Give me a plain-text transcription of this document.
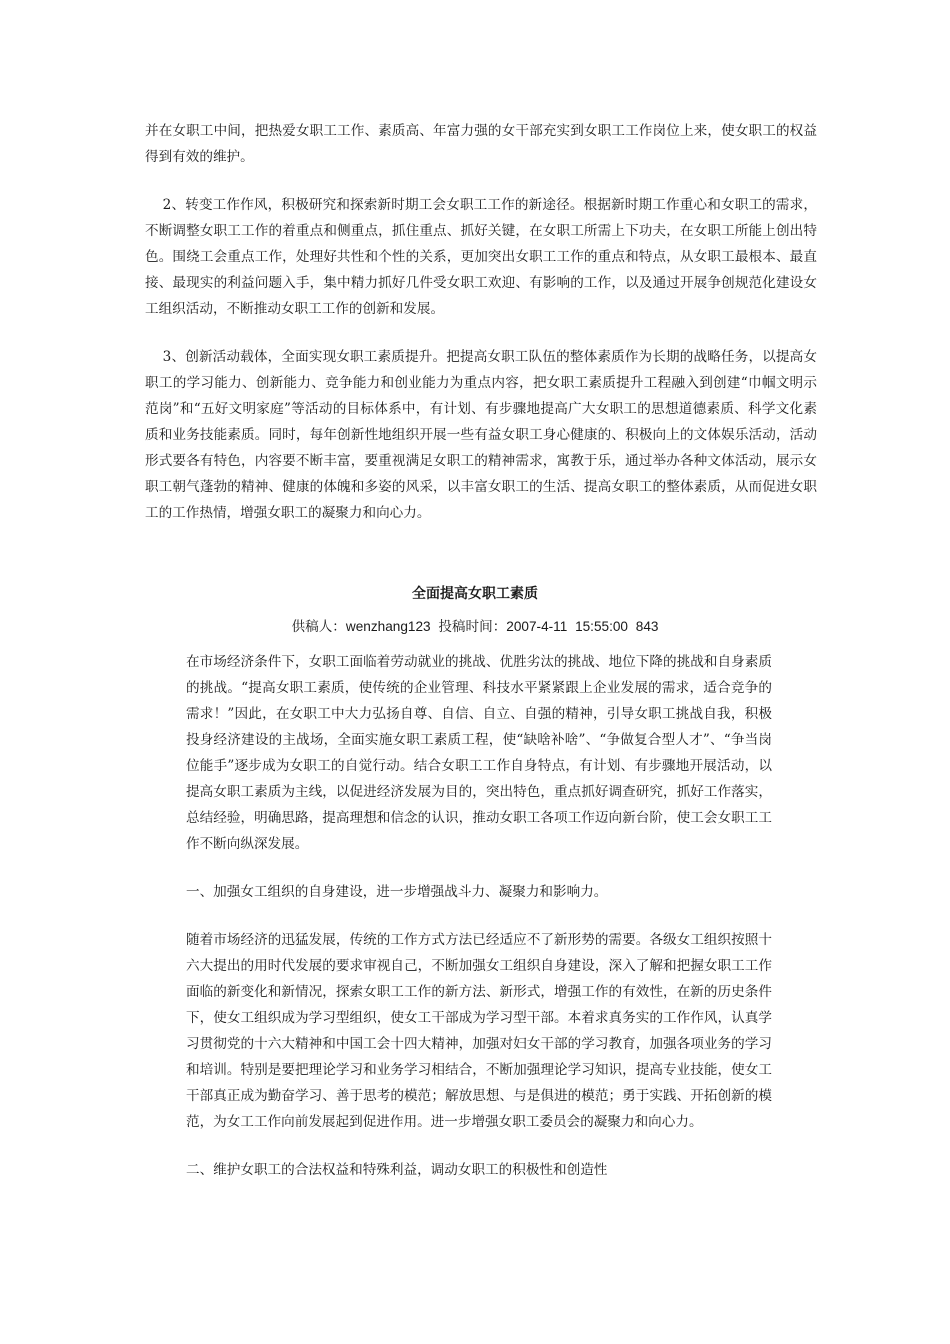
并在女职工中间，把热爱女职工工作、素质高、年富力强的女干部充实到女职工工作岗位上来，使女职工的权益得到有效的维护。

2、转变工作作风，积极研究和探索新时期工会女职工工作的新途径。根据新时期工作重心和女职工的需求，不断调整女职工工作的着重点和侧重点，抓住重点、抓好关键，在女职工所需上下功夫，在女职工所能上创出特色。围绕工会重点工作，处理好共性和个性的关系，更加突出女职工工作的重点和特点，从女职工最根本、最直接、最现实的利益问题入手，集中精力抓好几件受女职工欢迎、有影响的工作，以及通过开展争创规范化建设女工组织活动，不断推动女职工工作的创新和发展。

3、创新活动载体，全面实现女职工素质提升。把提高女职工队伍的整体素质作为长期的战略任务，以提高女职工的学习能力、创新能力、竞争能力和创业能力为重点内容，把女职工素质提升工程融入到创建“巾帼文明示范岗”和“五好文明家庭”等活动的目标体系中，有计划、有步骤地提高广大女职工的思想道德素质、科学文化素质和业务技能素质。同时，每年创新性地组织开展一些有益女职工身心健康的、积极向上的文体娱乐活动，活动形式要各有特色，内容要不断丰富，要重视满足女职工的精神需求，寓教于乐，通过举办各种文体活动，展示女职工朝气蓬勃的精神、健康的体魄和多姿的风采，以丰富女职工的生活、提高女职工的整体素质，从而促进女职工的工作热情，增强女职工的凝聚力和向心力。

全面提高女职工素质
供稿人：wenzhang123 投稿时间：2007-4-11 15:55:00 843

在市场经济条件下，女职工面临着劳动就业的挑战、优胜劣汰的挑战、地位下降的挑战和自身素质的挑战。“提高女职工素质，使传统的企业管理、科技水平紧紧跟上企业发展的需求，适合竞争的需求！”因此，在女职工中大力弘扬自尊、自信、自立、自强的精神，引导女职工挑战自我，积极投身经济建设的主战场，全面实施女职工素质工程，使“缺啥补啥”、“争做复合型人才”、“争当岗位能手”逐步成为女职工的自觉行动。结合女职工工作自身特点，有计划、有步骤地开展活动，以提高女职工素质为主线，以促进经济发展为目的，突出特色，重点抓好调查研究，抓好工作落实，总结经验，明确思路，提高理想和信念的认识，推动女职工各项工作迈向新台阶，使工会女职工工作不断向纵深发展。

一、加强女工组织的自身建设，进一步增强战斗力、凝聚力和影响力。

随着市场经济的迅猛发展，传统的工作方式方法已经适应不了新形势的需要。各级女工组织按照十六大提出的用时代发展的要求审视自己，不断加强女工组织自身建设，深入了解和把握女职工工作面临的新变化和新情况，探索女职工工作的新方法、新形式，增强工作的有效性，在新的历史条件下，使女工组织成为学习型组织，使女工干部成为学习型干部。本着求真务实的工作作风，认真学习贯彻党的十六大精神和中国工会十四大精神，加强对妇女干部的学习教育，加强各项业务的学习和培训。特别是要把理论学习和业务学习相结合，不断加强理论学习知识，提高专业技能，使女工干部真正成为勤奋学习、善于思考的模范；解放思想、与是俱进的模范；勇于实践、开拓创新的模范，为女工工作向前发展起到促进作用。进一步增强女职工委员会的凝聚力和向心力。

二、维护女职工的合法权益和特殊利益，调动女职工的积极性和创造性
